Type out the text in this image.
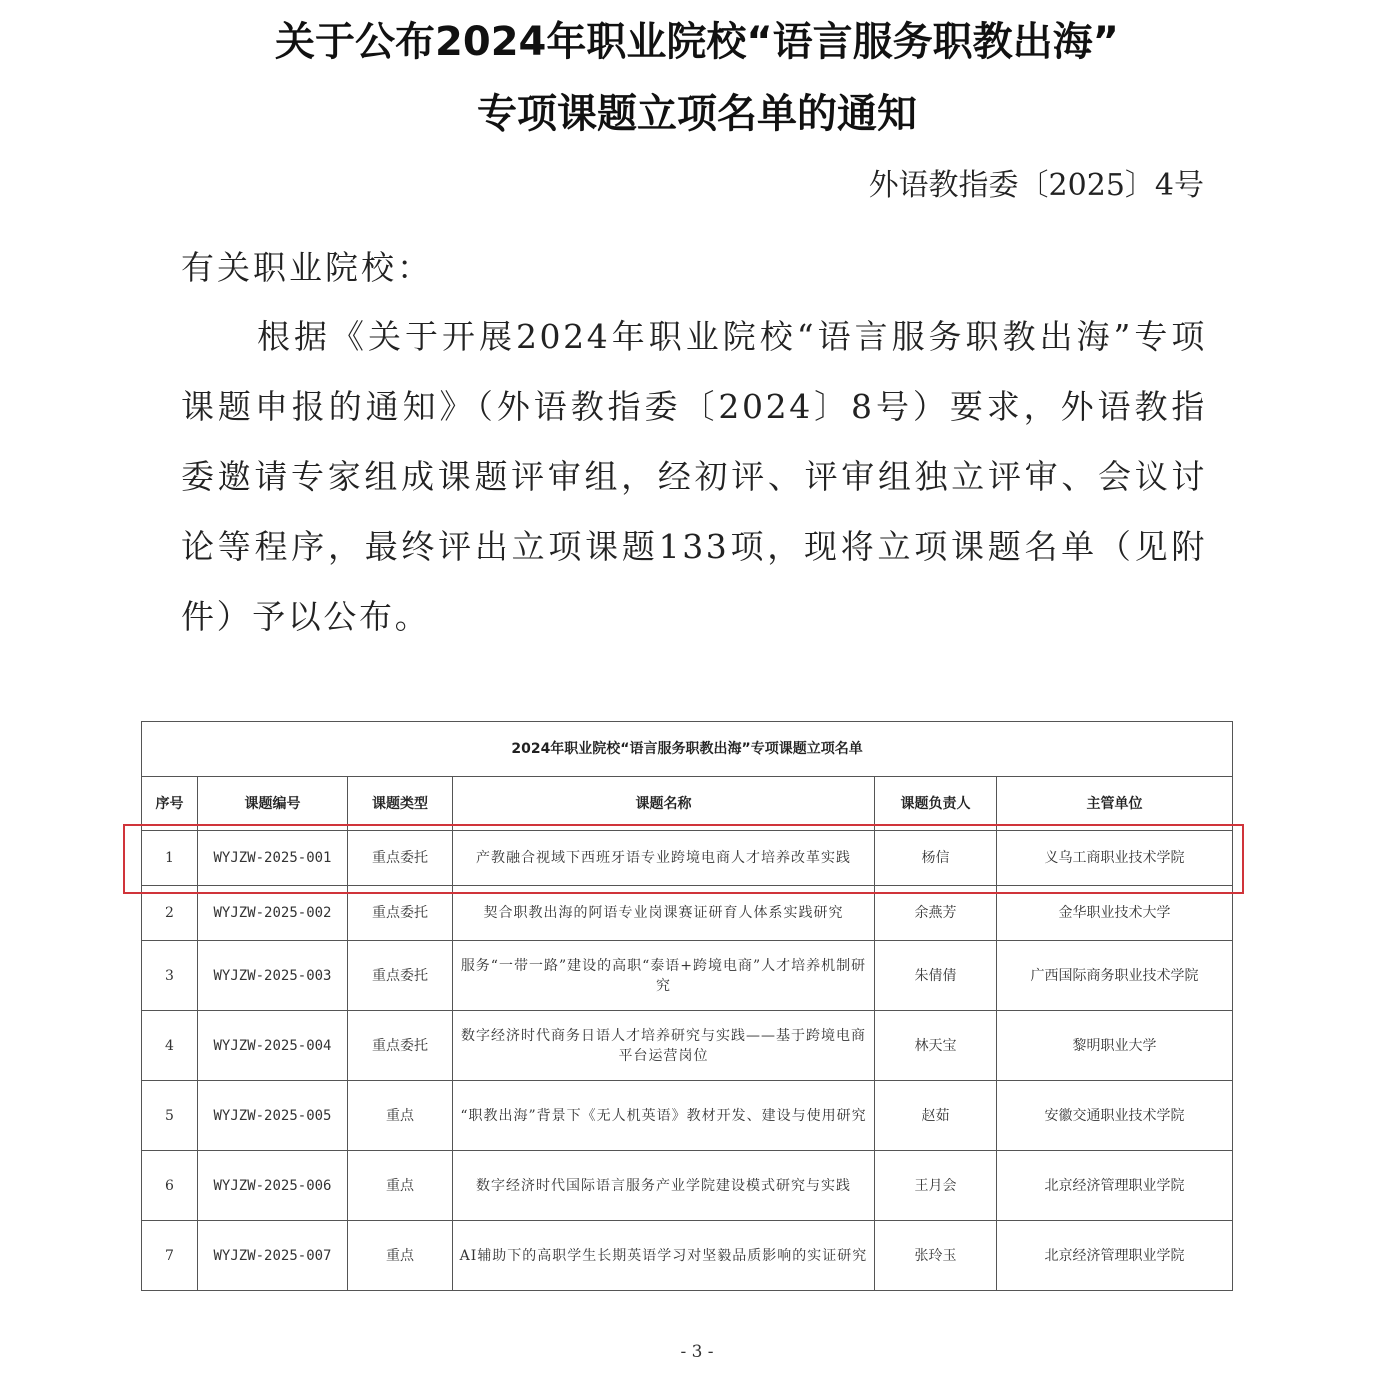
关于公布2024年职业院校“语言服务职教出海”
专项课题立项名单的通知
外语教指委〔2025〕4号
有关职业院校：
根据《关于开展2024年职业院校“语言服务职教出海”专项课题申报的通知》（外语教指委〔2024〕8号）要求，外语教指委邀请专家组成课题评审组，经初评、评审组独立评审、会议讨论等程序，最终评出立项课题133项，现将立项课题名单（见附件）予以公布。
2024年职业院校“语言服务职教出海”专项课题立项名单					
序号	课题编号	课题类型	课题名称	课题负责人	主管单位
1	WYJZW-2025-001	重点委托	产教融合视域下西班牙语专业跨境电商人才培养改革实践	杨信	义乌工商职业技术学院
2	WYJZW-2025-002	重点委托	契合职教出海的阿语专业岗课赛证研育人体系实践研究	余燕芳	金华职业技术大学
3	WYJZW-2025-003	重点委托	服务“一带一路”建设的高职“泰语+跨境电商”人才培养机制研究	朱倩倩	广西国际商务职业技术学院
4	WYJZW-2025-004	重点委托	数字经济时代商务日语人才培养研究与实践——基于跨境电商平台运营岗位	林天宝	黎明职业大学
5	WYJZW-2025-005	重点	“职教出海”背景下《无人机英语》教材开发、建设与使用研究	赵茹	安徽交通职业技术学院
6	WYJZW-2025-006	重点	数字经济时代国际语言服务产业学院建设模式研究与实践	王月会	北京经济管理职业学院
7	WYJZW-2025-007	重点	AI辅助下的高职学生长期英语学习对坚毅品质影响的实证研究	张玲玉	北京经济管理职业学院
- 3 -
